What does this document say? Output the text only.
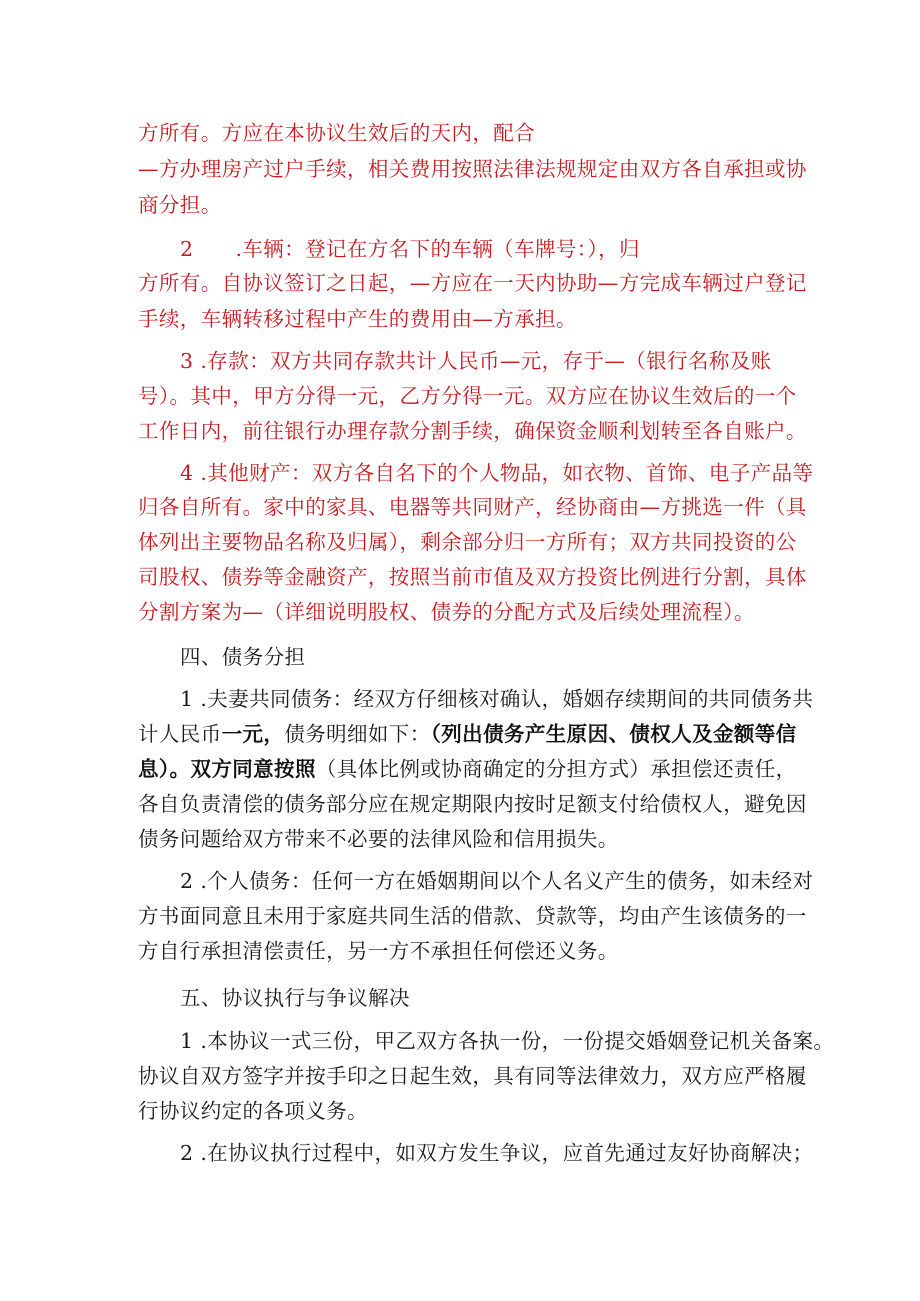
方所有。方应在本协议生效后的天内，配合
—方办理房产过户手续，相关费用按照法律法规规定由双方各自承担或协
商分担。
2 .车辆：登记在方名下的车辆（车牌号：），归
方所有。自协议签订之日起，—方应在一天内协助—方完成车辆过户登记
手续，车辆转移过程中产生的费用由—方承担。
3 .存款：双方共同存款共计人民币—元，存于—（银行名称及账
号）。其中，甲方分得一元，乙方分得一元。双方应在协议生效后的一个
工作日内，前往银行办理存款分割手续，确保资金顺利划转至各自账户。
4 .其他财产：双方各自名下的个人物品，如衣物、首饰、电子产品等
归各自所有。家中的家具、电器等共同财产，经协商由—方挑选一件（具
体列出主要物品名称及归属），剩余部分归一方所有；双方共同投资的公
司股权、债券等金融资产，按照当前市值及双方投资比例进行分割，具体
分割方案为—（详细说明股权、债券的分配方式及后续处理流程）。
四、债务分担
1 .夫妻共同债务：经双方仔细核对确认，婚姻存续期间的共同债务共
计人民币一元，债务明细如下：（列出债务产生原因、债权人及金额等信
息）。双方同意按照（具体比例或协商确定的分担方式）承担偿还责任，
各自负责清偿的债务部分应在规定期限内按时足额支付给债权人，避免因
债务问题给双方带来不必要的法律风险和信用损失。
2 .个人债务：任何一方在婚姻期间以个人名义产生的债务，如未经对
方书面同意且未用于家庭共同生活的借款、贷款等，均由产生该债务的一
方自行承担清偿责任，另一方不承担任何偿还义务。
五、协议执行与争议解决
1 .本协议一式三份，甲乙双方各执一份，一份提交婚姻登记机关备案。
协议自双方签字并按手印之日起生效，具有同等法律效力，双方应严格履
行协议约定的各项义务。
2 .在协议执行过程中，如双方发生争议，应首先通过友好协商解决；
